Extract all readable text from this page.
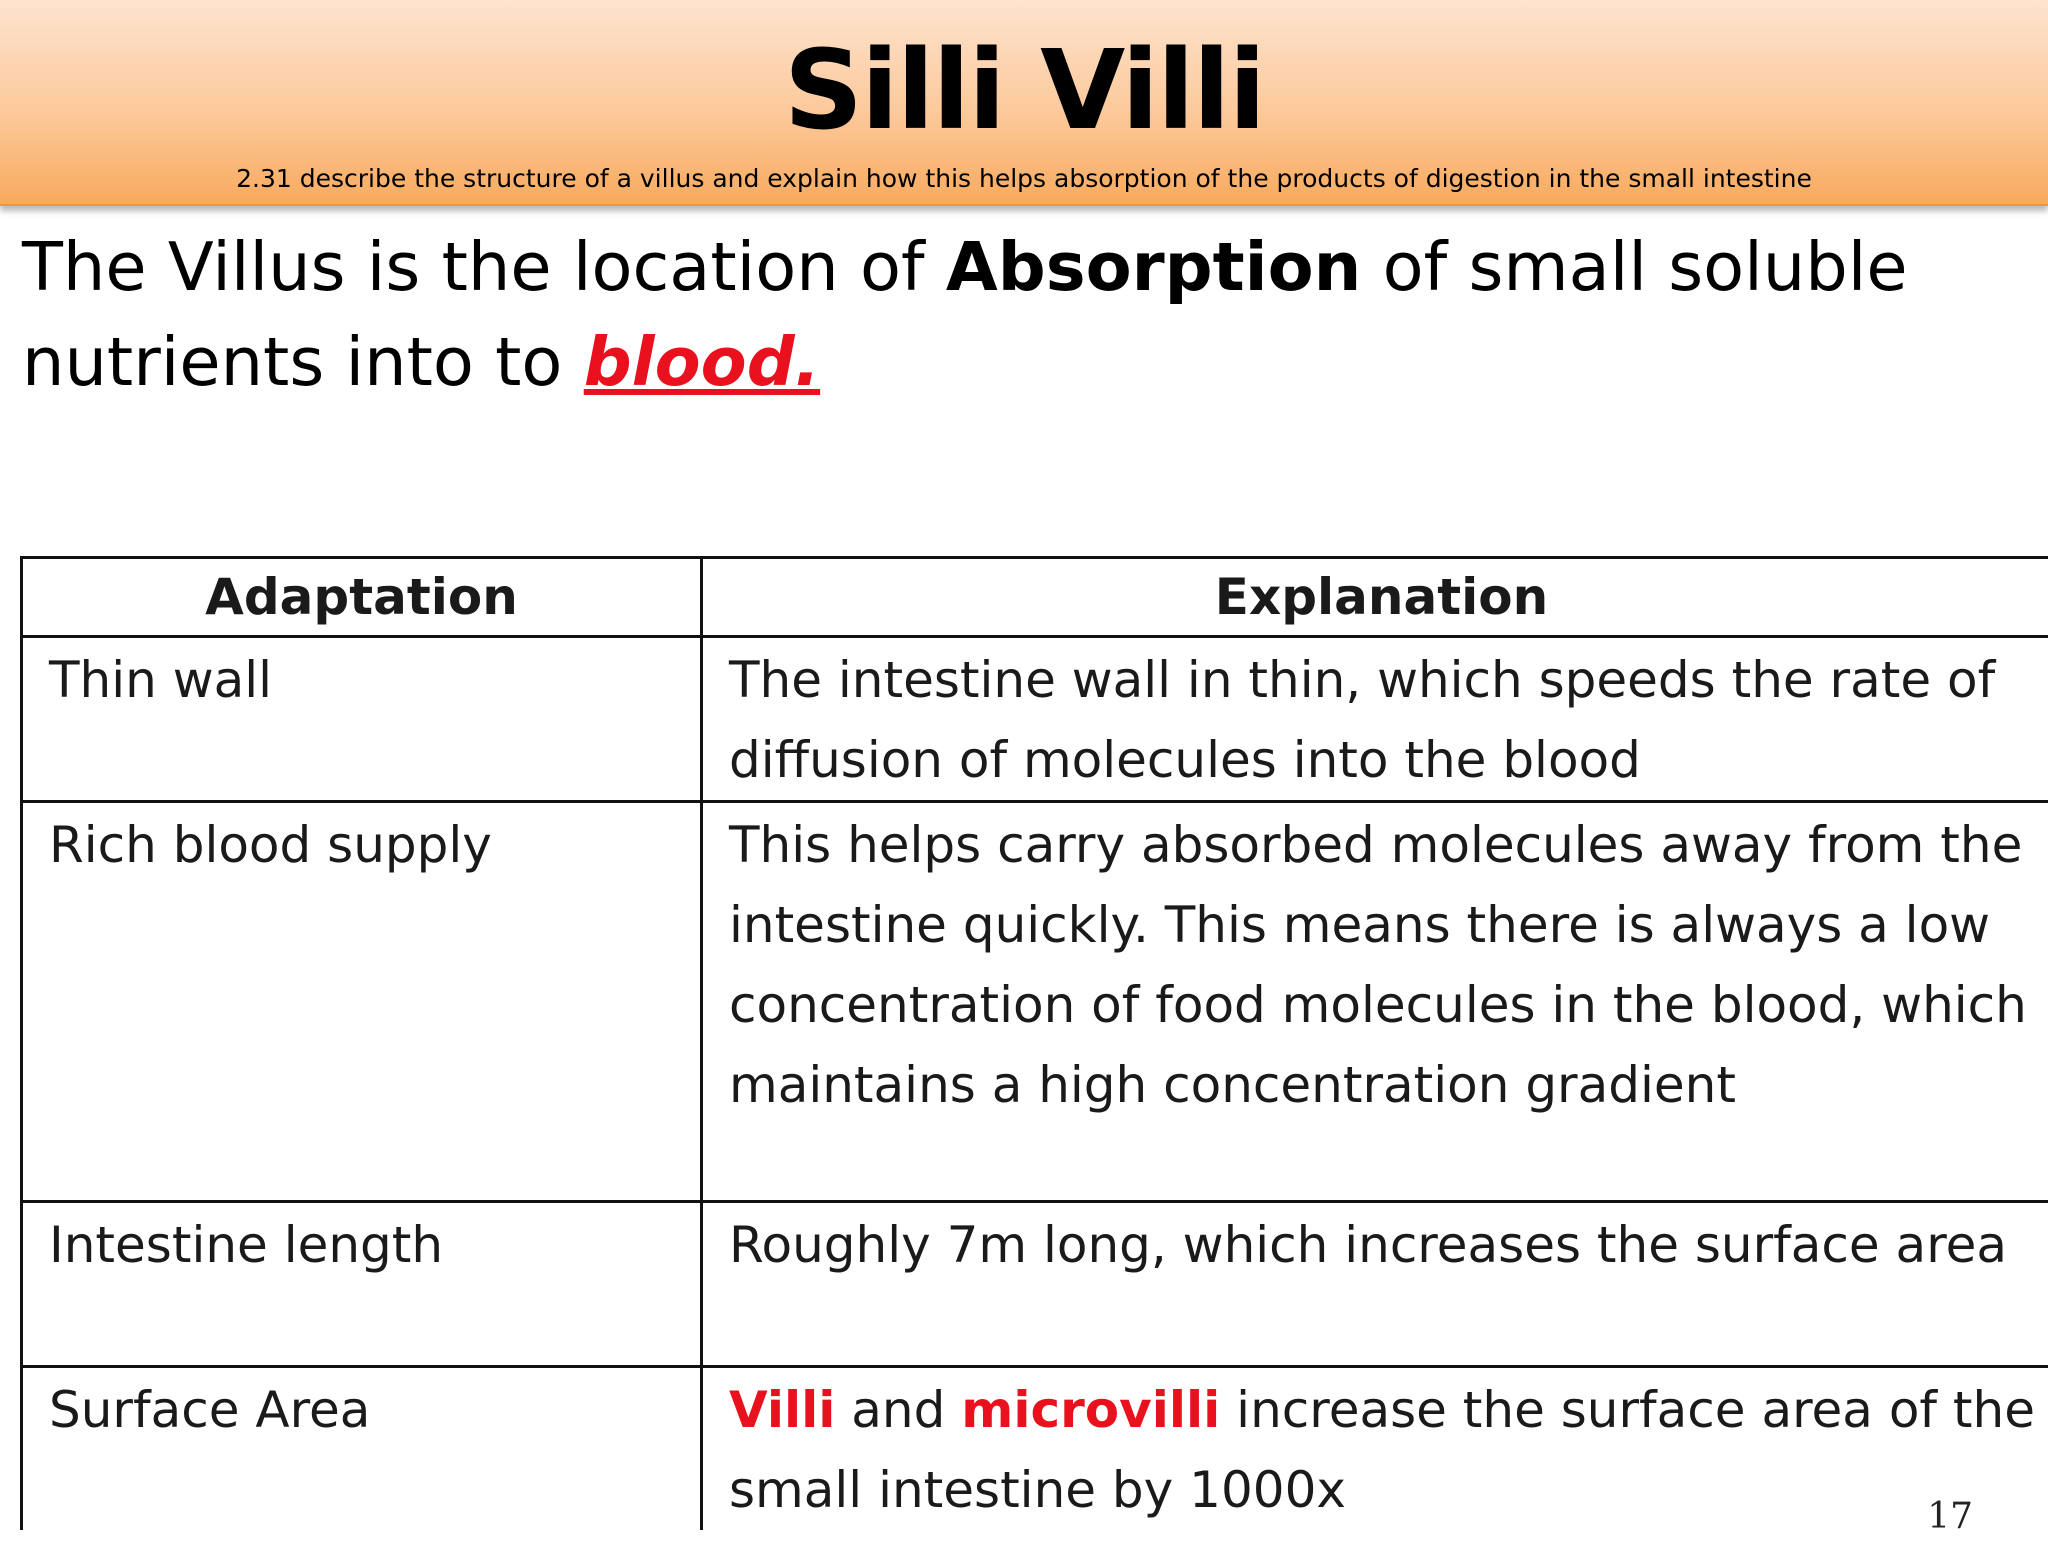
Silli Villi
2.31 describe the structure of a villus and explain how this helps absorption of the products of digestion in the small intestine
The Villus is the location of Absorption of small soluble nutrients into to blood.
Adaptation	Explanation
Thin wall	The intestine wall in thin, which speeds the rate of diffusion of molecules into the blood
Rich blood supply	This helps carry absorbed molecules away from the intestine quickly. This means there is always a low concentration of food molecules in the blood, which maintains a high concentration gradient
Intestine length	Roughly 7m long, which increases the surface area
Surface Area	Villi and microvilli increase the surface area of the small intestine by 1000x	17
